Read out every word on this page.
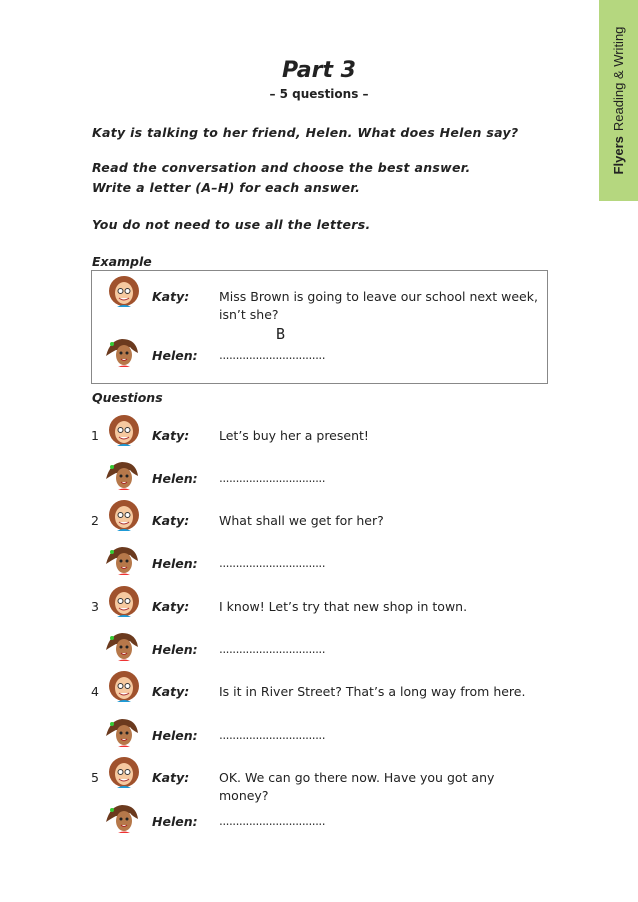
Flyers
Reading & Writing
Part 3
– 5 questions –
Katy is talking to her friend, Helen. What does Helen say?
Read the conversation and choose the best answer.
Write a letter (A–H) for each answer.
You do not need to use all the letters.
Example
Questions
Katy: Miss Brown is going to leave our school next week, isn’t she?
Helen: ................................
B
1	Katy: Let’s buy her a present!
Helen: ................................
2	Katy: What shall we get for her?
Helen: ................................
3	Katy: I know! Let’s try that new shop in town.
Helen: ................................
4	Katy: Is it in River Street? That’s a long way from here.
Helen: ................................
5	Katy: OK. We can go there now. Have you got any money?
Helen: ................................
